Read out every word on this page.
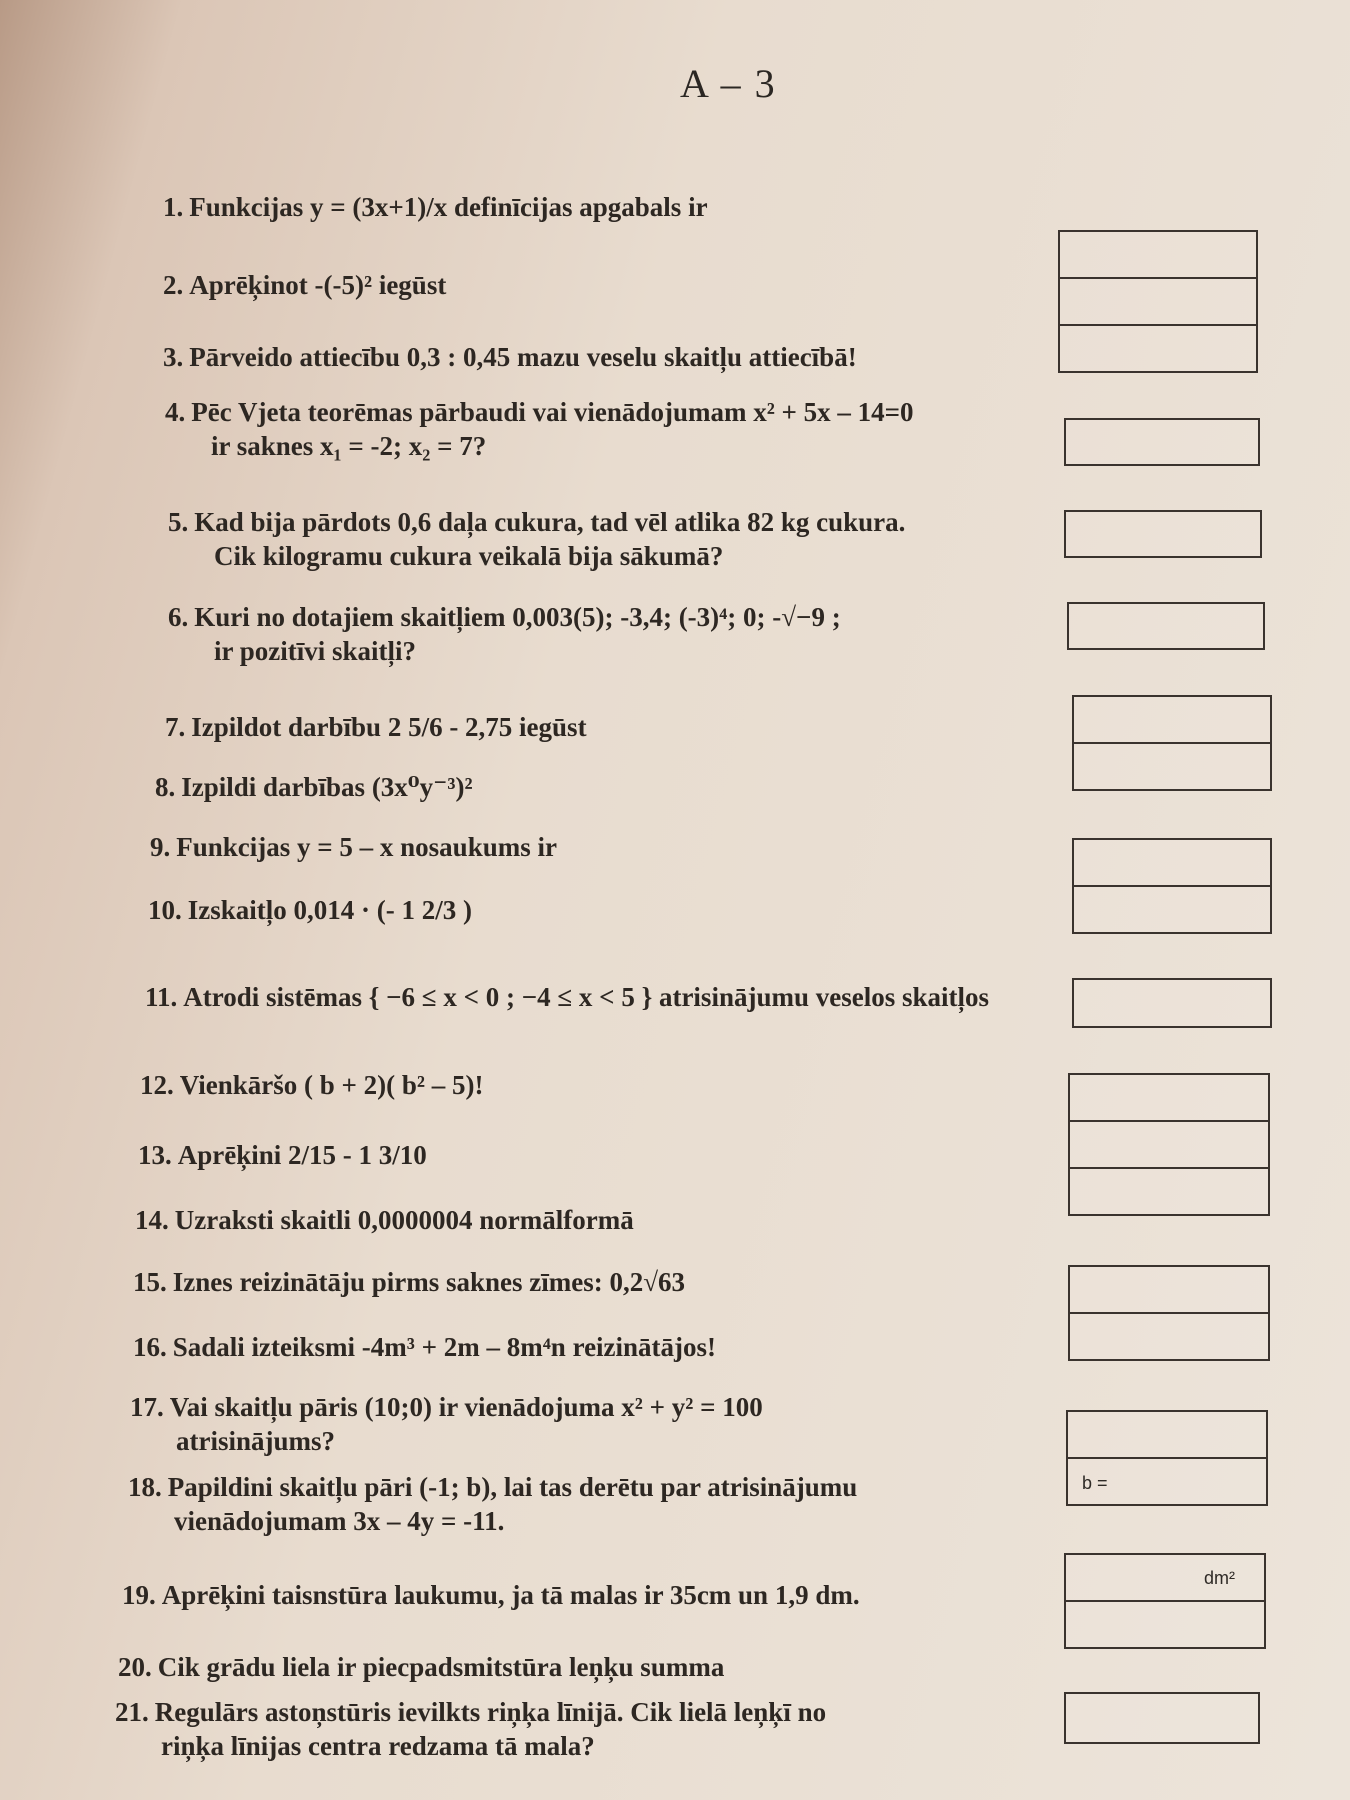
A – 3
1. Funkcijas y = (3x+1)/x definīcijas apgabals ir
2. Aprēķinot -(-5)² iegūst
3. Pārveido attiecību 0,3 : 0,45 mazu veselu skaitļu attiecībā!
4. Pēc Vjeta teorēmas pārbaudi vai vienādojumam x² + 5x – 14=0
ir saknes x₁ = -2; x₂ = 7?
5. Kad bija pārdots 0,6 daļa cukura, tad vēl atlika 82 kg cukura.
Cik kilogramu cukura veikalā bija sākumā?
6. Kuri no dotajiem skaitļiem 0,003(5); -3,4; (-3)⁴; 0; -√−9 ;
ir pozitīvi skaitļi?
7. Izpildot darbību 2 5/6 - 2,75 iegūst
8. Izpildi darbības (3x⁰y⁻³)²
9. Funkcijas y = 5 – x nosaukums ir
10. Izskaitļo 0,014 · (- 1 2/3 )
11. Atrodi sistēmas { −6 ≤ x < 0 ; −4 ≤ x < 5 } atrisinājumu veselos skaitļos
12. Vienkāršo ( b + 2)( b² – 5)!
13. Aprēķini 2/15 - 1 3/10
14. Uzraksti skaitli 0,0000004 normālformā
15. Iznes reizinātāju pirms saknes zīmes: 0,2√63
16. Sadali izteiksmi -4m³ + 2m – 8m⁴n reizinātājos!
17. Vai skaitļu pāris (10;0) ir vienādojuma x² + y² = 100
atrisinājums?
18. Papildini skaitļu pāri (-1; b), lai tas derētu par atrisinājumu
vienādojumam 3x – 4y = -11.
19. Aprēķini taisnstūra laukumu, ja tā malas ir 35cm un 1,9 dm.
20. Cik grādu liela ir piecpadsmitstūra leņķu summa
21. Regulārs astoņstūris ievilkts riņķa līnijā. Cik lielā leņķī no
riņķa līnijas centra redzama tā mala?
b =
dm²
